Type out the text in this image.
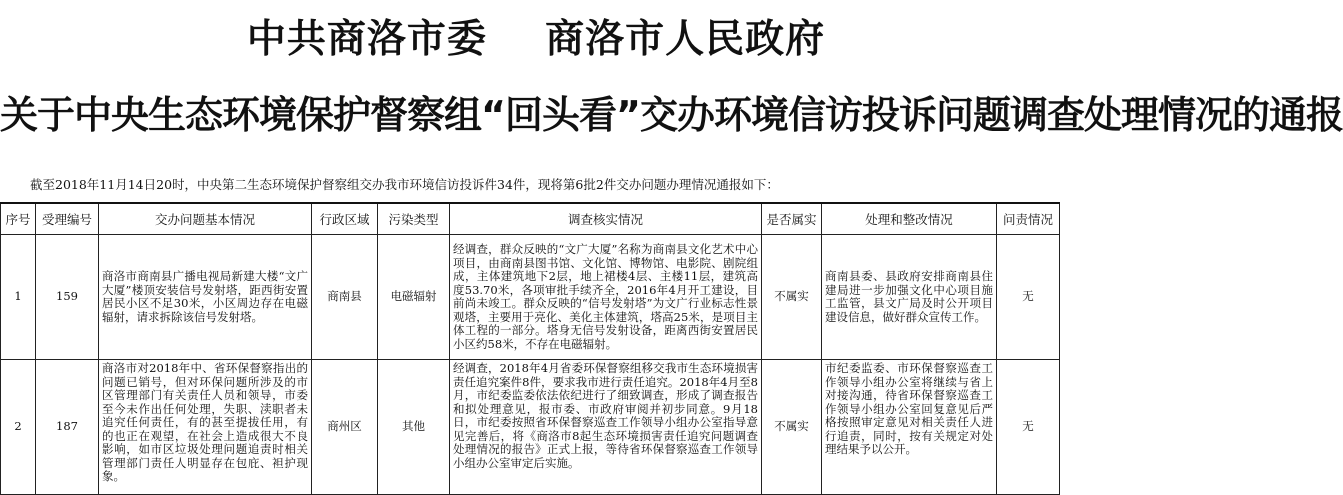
中共商洛市委    商洛市人民政府
关于中央生态环境保护督察组“回头看”交办环境信访投诉问题调查处理情况的通报
截至2018年11月14日20时，中央第二生态环境保护督察组交办我市环境信访投诉件34件，现将第6批2件交办问题办理情况通报如下：
序号	受理编号	交办问题基本情况	行政区域	污染类型	调查核实情况	是否属实	处理和整改情况	问责情况
1	159	商洛市商南县广播电视局新建大楼“文广大厦”楼顶安装信号发射塔，距西街安置居民小区不足30米，小区周边存在电磁辐射，请求拆除该信号发射塔。	商南县	电磁辐射	经调查，群众反映的“文广大厦”名称为商南县文化艺术中心项目，由商南县图书馆、文化馆、博物馆、电影院、剧院组成，主体建筑地下2层，地上裙楼4层、主楼11层，建筑高度53.70米，各项审批手续齐全，2016年4月开工建设，目前尚未竣工。群众反映的“信号发射塔”为文广行业标志性景观塔，主要用于亮化、美化主体建筑，塔高25米，是项目主体工程的一部分。塔身无信号发射设备，距离西街安置居民小区约58米，不存在电磁辐射。	不属实	商南县委、县政府安排商南县住建局进一步加强文化中心项目施工监管，县文广局及时公开项目建设信息，做好群众宣传工作。	无
2	187	商洛市对2018年中、省环保督察指出的问题已销号，但对环保问题所涉及的市区管理部门有关责任人员和领导，市委至今未作出任何处理，失职、渎职者未追究任何责任，有的甚至提拔任用，有的也正在观望，在社会上造成很大不良影响，如市区垃圾处理问题追责时相关管理部门责任人明显存在包庇、袒护现象。	商州区	其他	经调查，2018年4月省委环保督察组移交我市生态环境损害责任追究案件8件，要求我市进行责任追究。2018年4月至8月，市纪委监委依法依纪进行了细致调查，形成了调查报告和拟处理意见，报市委、市政府审阅并初步同意。9月18日，市纪委按照省环保督察巡查工作领导小组办公室指导意见完善后，将《商洛市8起生态环境损害责任追究问题调查处理情况的报告》正式上报，等待省环保督察巡查工作领导小组办公室审定后实施。	不属实	市纪委监委、市环保督察巡查工作领导小组办公室将继续与省上对接沟通，待省环保督察巡查工作领导小组办公室回复意见后严格按照审定意见对相关责任人进行追责，同时，按有关规定对处理结果予以公开。	无
